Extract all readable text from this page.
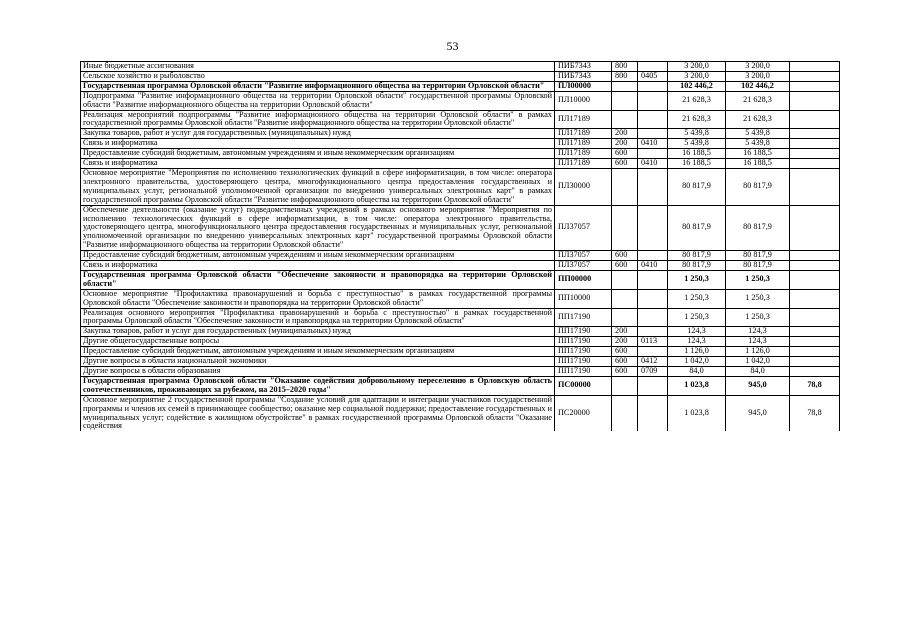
53
Иные бюджетные ассигнования	ПИБ7343	800		3 200,0	3 200,0	
Сельское хозяйство и рыболовство	ПИБ7343	800	0405	3 200,0	3 200,0	
Государственная программа Орловской области "Развитие информационного общества на территории Орловской области"	ПЛ00000			102 446,2	102 446,2	
Подпрограмма "Развитие информационного общества на территории Орловской области" государственной программы Орловской области "Развитие информационного общества на территории Орловской области"	ПЛ10000			21 628,3	21 628,3	
Реализация мероприятий подпрограммы "Развитие информационного общества на территории Орловской области" в рамках государственной программы Орловской области "Развитие информационного общества на территории Орловской области"	ПЛ17189			21 628,3	21 628,3	
Закупка товаров, работ и услуг для государственных (муниципальных) нужд	ПЛ17189	200		5 439,8	5 439,8	
Связь и информатика	ПЛ17189	200	0410	5 439,8	5 439,8	
Предоставление субсидий бюджетным, автономным учреждениям и иным некоммерческим организациям	ПЛ17189	600		16 188,5	16 188,5	
Связь и информатика	ПЛ17189	600	0410	16 188,5	16 188,5	
Основное мероприятие "Мероприятия по исполнению технологических функций в сфере информатизации, в том числе: оператора электронного правительства, удостоверяющего центра, многофункционального центра предоставления государственных и муниципальных услуг, региональной уполномоченной организации по внедрению универсальных электронных карт" в рамках государственной программы Орловской области "Развитие информационного общества на территории Орловской области"	ПЛ30000			80 817,9	80 817,9	
Обеспечение деятельности (оказание услуг) подведомственных учреждений в рамках основного мероприятия "Мероприятия по исполнению технологических функций в сфере информатизации, в том числе: оператора электронного правительства, удостоверяющего центра, многофункционального центра предоставления государственных и муниципальных услуг, региональной уполномоченной организации по внедрению универсальных электронных карт" государственной программы Орловской области "Развитие информационного общества на территории Орловской области"	ПЛ37057			80 817,9	80 817,9	
Предоставление субсидий бюджетным, автономным учреждениям и иным некоммерческим организациям	ПЛ37057	600		80 817,9	80 817,9	
Связь и информатика	ПЛ37057	600	0410	80 817,9	80 817,9	
Государственная программа Орловской области "Обеспечение законности и правопорядка на территории Орловской области"	ПП00000			1 250,3	1 250,3	
Основное мероприятие "Профилактика правонарушений и борьба с преступностью" в рамках государственной программы Орловской области "Обеспечение законности и правопорядка на территории Орловской области"	ПП10000			1 250,3	1 250,3	
Реализация основного мероприятия "Профилактика правонарушений и борьба с преступностью" в рамках государственной программы Орловской области "Обеспечение законности и правопорядка на территории Орловской области"	ПП17190			1 250,3	1 250,3	
Закупка товаров, работ и услуг для государственных (муниципальных) нужд	ПП17190	200		124,3	124,3	
Другие общегосударственные вопросы	ПП17190	200	0113	124,3	124,3	
Предоставление субсидий бюджетным, автономным учреждениям и иным некоммерческим организациям	ПП17190	600		1 126,0	1 126,0	
Другие вопросы в области национальной экономики	ПП17190	600	0412	1 042,0	1 042,0	
Другие вопросы в области образования	ПП17190	600	0709	84,0	84,0	
Государственная программа Орловской области "Оказание содействия добровольному переселению в Орловскую область соотечественников, проживающих за рубежом, на 2015–2020 годы"	ПС00000			1 023,8	945,0	78,8
Основное мероприятие 2 государственной программы "Создание условий для адаптации и интеграции участников государственной программы и членов их семей в принимающее сообщество; оказание мер социальной поддержки; предоставление государственных и муниципальных услуг; содействие в жилищном обустройстве" в рамках государственной программы Орловской области "Оказание содействия	ПС20000			1 023,8	945,0	78,8
